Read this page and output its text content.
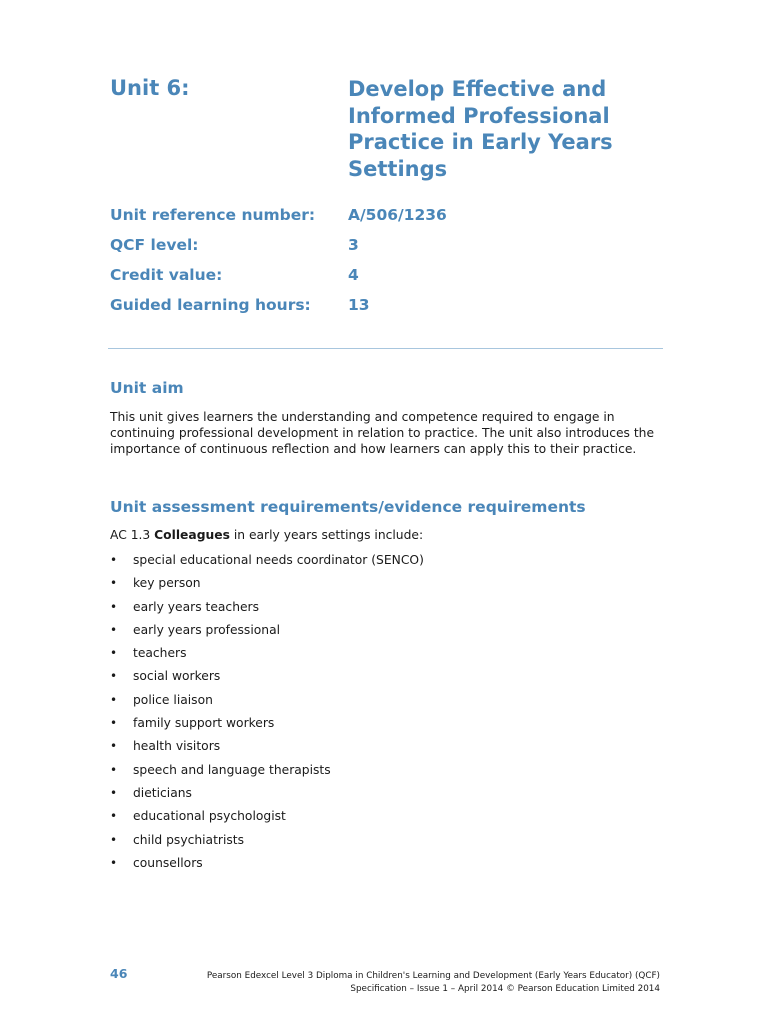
Unit 6:	Develop Effective and Informed Professional Practice in Early Years Settings
Unit reference number: A/506/1236
QCF level:	3
Credit value:	4
Guided learning hours: 13
Unit aim
This unit gives learners the understanding and competence required to engage in continuing professional development in relation to practice. The unit also introduces the importance of continuous reflection and how learners can apply this to their practice.
Unit assessment requirements/evidence requirements
AC 1.3 Colleagues in early years settings include:
• special educational needs coordinator (SENCO)
• key person
• early years teachers
• early years professional
• teachers
• social workers
• police liaison
• family support workers
• health visitors
• speech and language therapists
• dieticians
• educational psychologist
• child psychiatrists
• counsellors
46	Pearson Edexcel Level 3 Diploma in Children's Learning and Development (Early Years Educator) (QCF)
Specification – Issue 1 – April 2014 © Pearson Education Limited 2014
